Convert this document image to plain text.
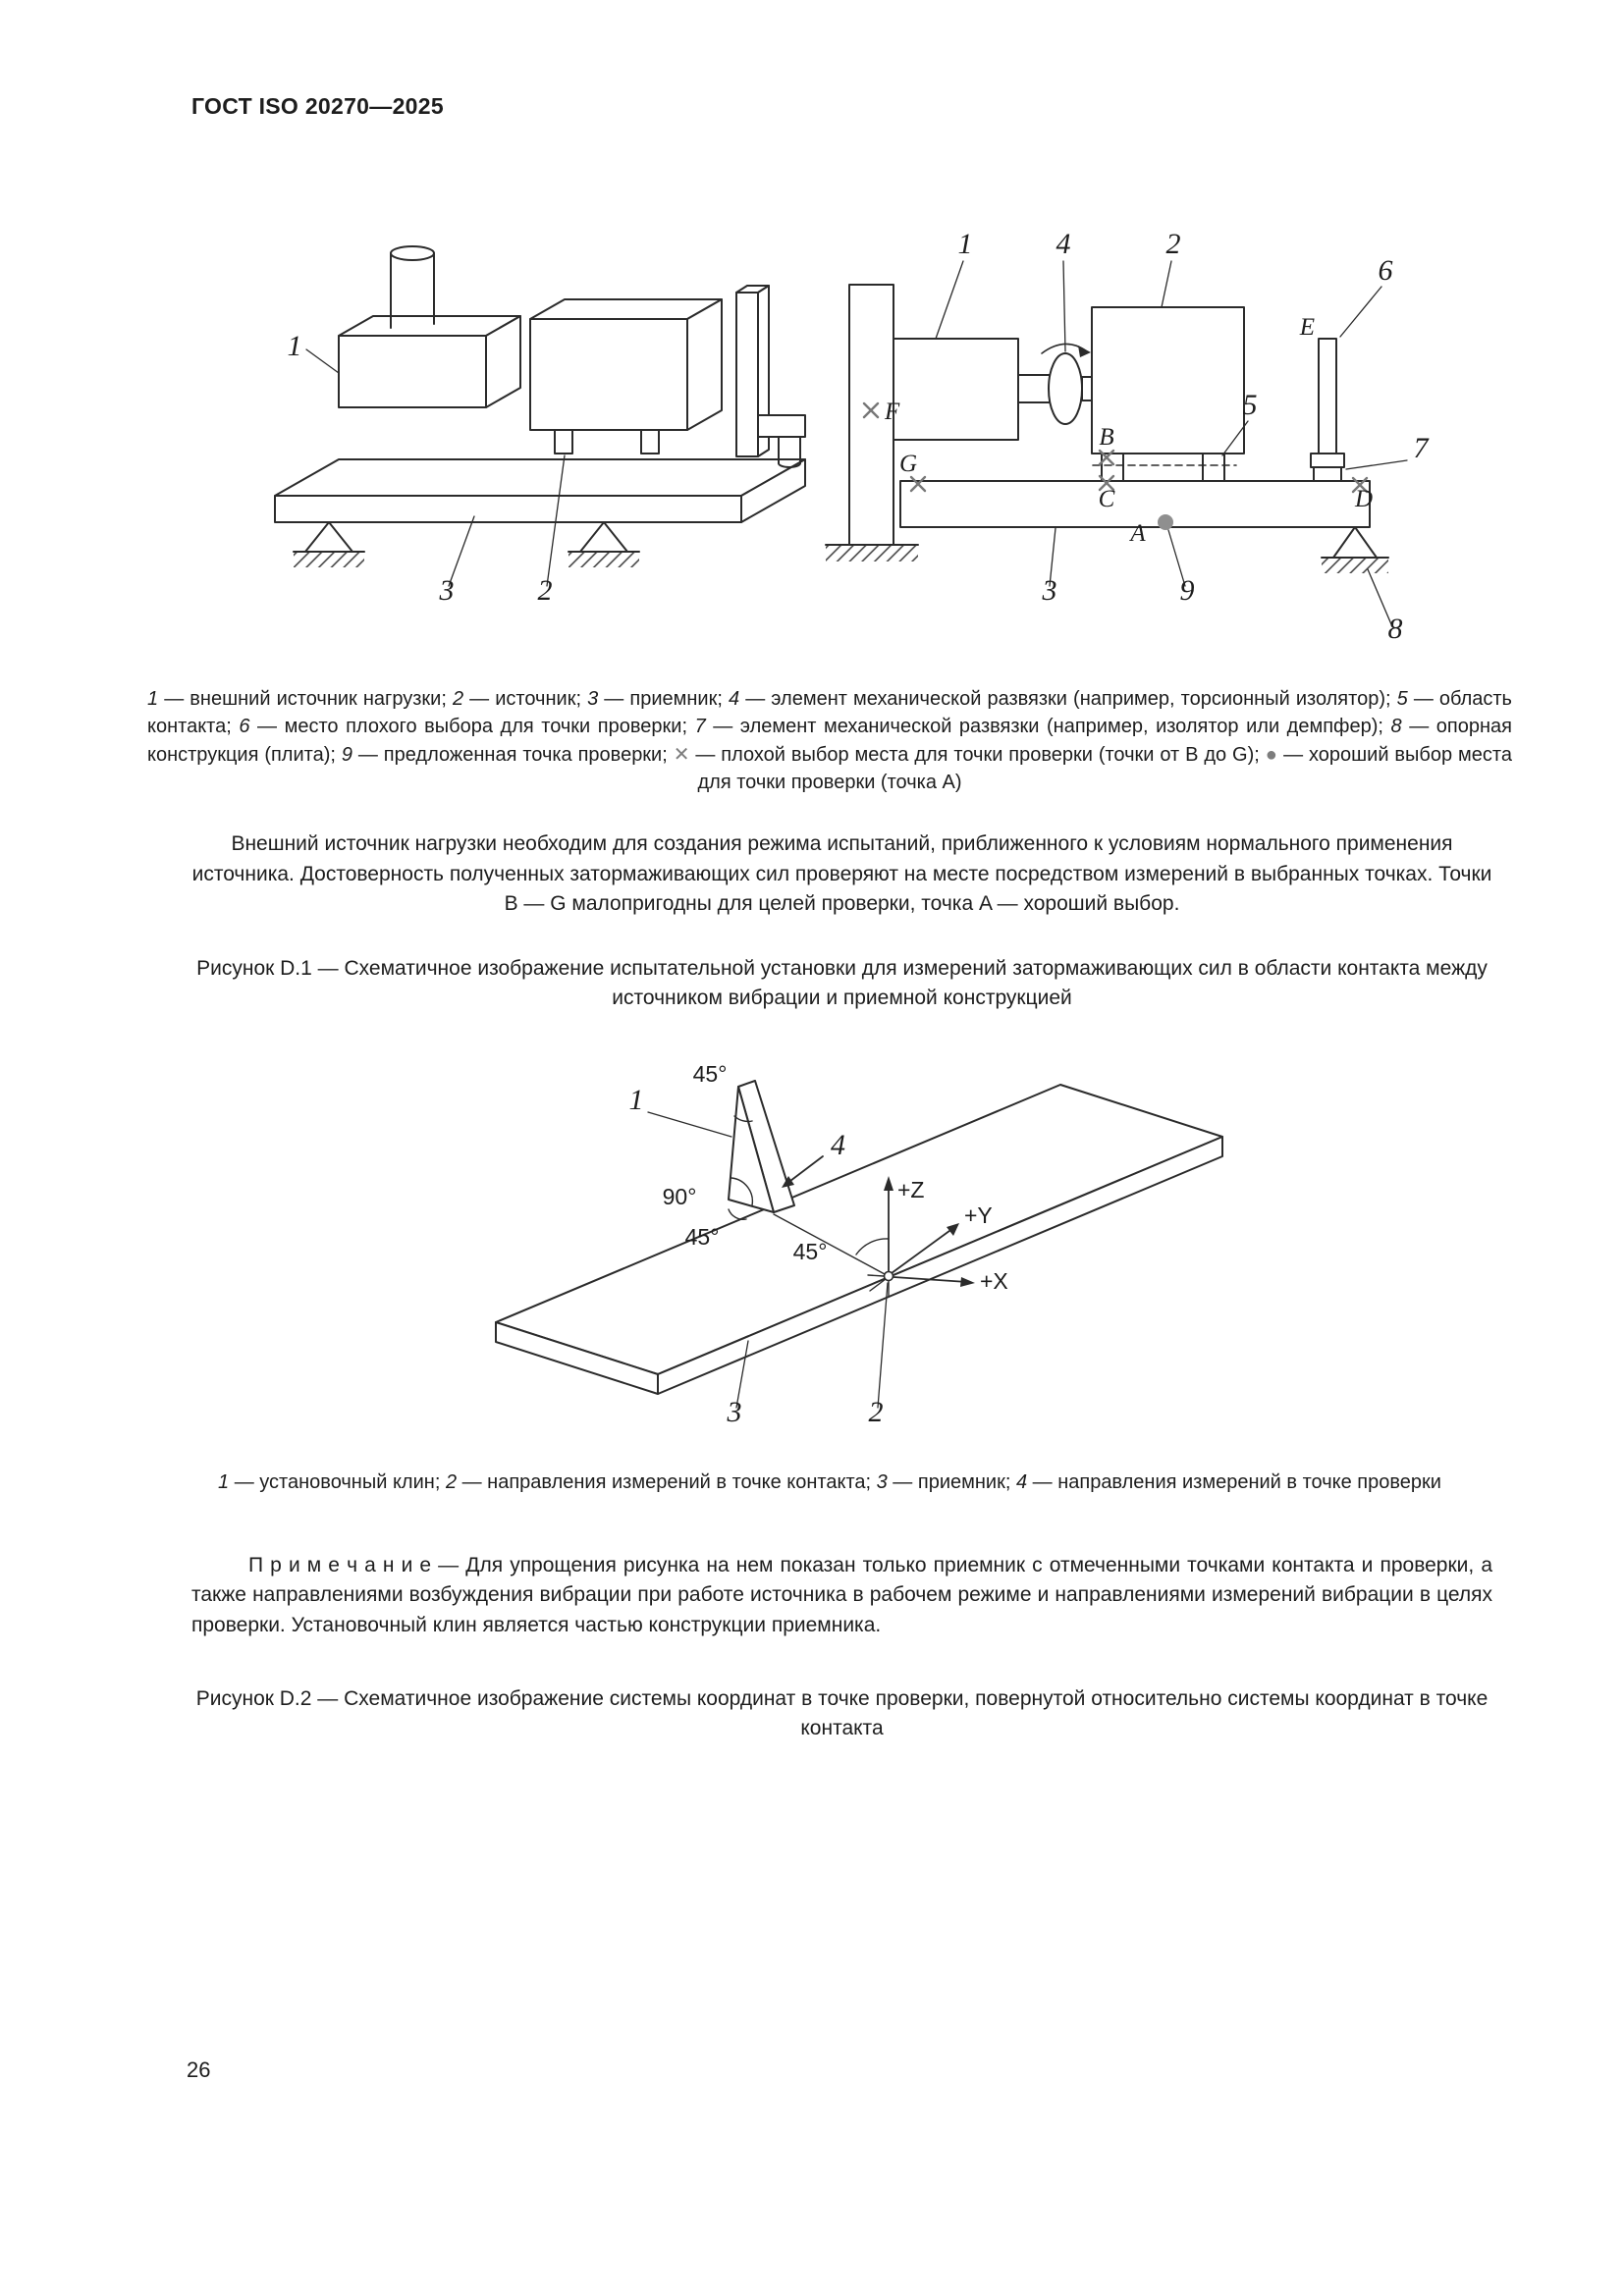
ГОСТ ISO 20270—2025
1
3	2
1	4	2
6
5
7
3	9
8
E
F
G
B
C	D
A
1 — внешний источник нагрузки; 2 — источник; 3 — приемник; 4 — элемент механической развязки (например, торсионный изолятор); 5 — область контакта; 6 — место плохого выбора для точки проверки; 7 — элемент механической развязки (например, изолятор или демпфер); 8 — опорная конструкция (плита); 9 — предложенная точка проверки; ✕ — плохой выбор места для точки проверки (точки от B до G); ● — хороший выбор места для точки проверки (точка A)
Внешний источник нагрузки необходим для создания режима испытаний, приближенного к условиям нормального применения источника. Достоверность полученных затормаживающих сил проверяют на месте посредством измерений в выбранных точках. Точки B — G малопригодны для целей проверки, точка A — хороший выбор.
Рисунок D.1 — Схематичное изображение испытательной установки для измерений затормаживающих сил в области контакта между источником вибрации и приемной конструкцией
1
4
3	2
45°
90°
45°
45°
+Z
+Y
+X
1 — установочный клин; 2 — направления измерений в точке контакта; 3 — приемник; 4 — направления измерений в точке проверки
П р и м е ч а н и е — Для упрощения рисунка на нем показан только приемник с отмеченными точками контакта и проверки, а также направлениями возбуждения вибрации при работе источника в рабочем режиме и направлениями измерений вибрации в целях проверки. Установочный клин является частью конструкции приемника.
Рисунок D.2 — Схематичное изображение системы координат в точке проверки, повернутой относительно системы координат в точке контакта
26
